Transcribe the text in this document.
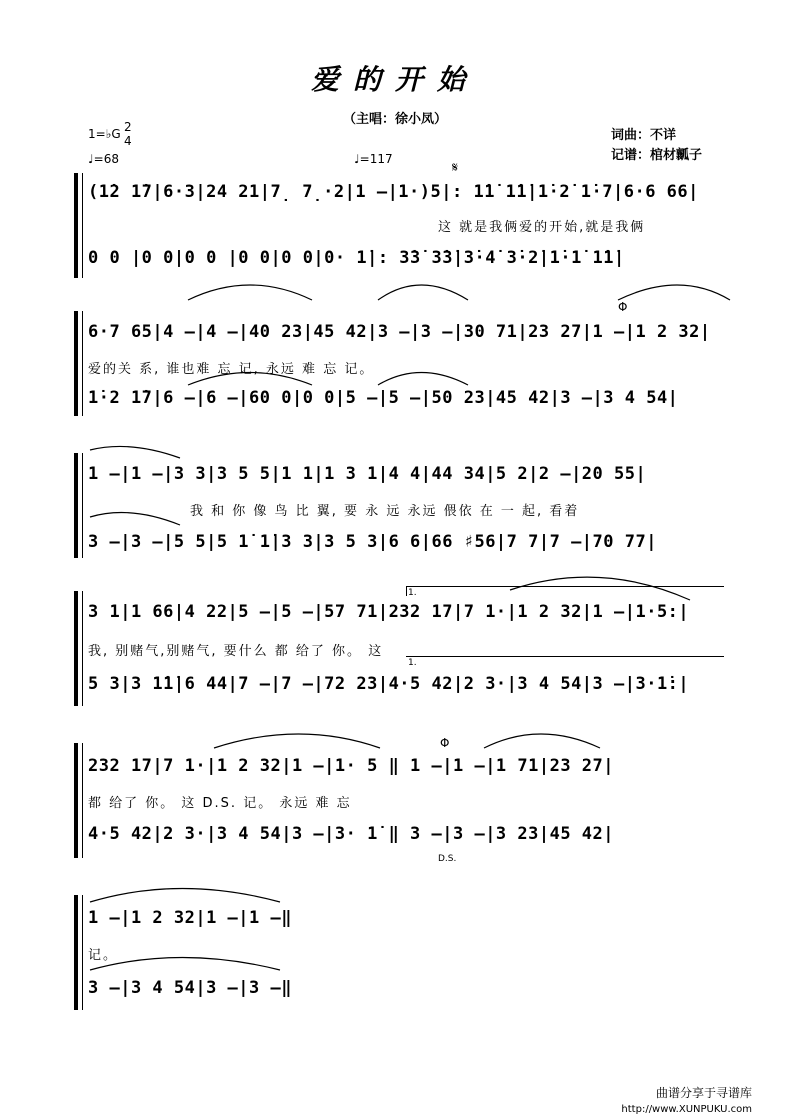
爱的开始
（主唱：徐小凤）
1=♭G 2
4
♩=68	♩=117
𝄋
词曲：不详
记谱：棺材瓤子
(1̇2 1̇7|6·3|24 21|7̣ 7̣·2|1 –|1·)5|: 1̇1̇ 1̇1̇|1̇·2̇ 1̇·7|6·6 66|
这 就是我俩爱的开始,就是我俩
0 0 |0 0|0 0 |0 0|0 0|0· 1̇|: 3̇3̇ 3̇3̇|3̇·4̇ 3̇·2̇|1̇·1̇ 1̇1̇|
Φ
6·7 65|4 –|4 –|40 23|45 42|3 –|3 –|30 71|23 27|1 –|1 2 32|
爱的关 系, 谁也难 忘 记, 永远 难 忘 记。
1̇·2 1̇7|6 –|6 –|60 0|0 0|5 –|5 –|50 23|45 42|3 –|3 4 54|
1 –|1 –|3 3|3 5 5|1 1|1 3 1|4 4|44 34|5 2|2 –|20 55|
我 和 你 像 鸟 比 翼, 要 永 远 永远 偎依 在 一 起, 看着
3 –|3 –|5 5|5 1̇ 1̇|3 3|3 5 3|6 6|66 ♯56|7 7|7 –|70 77|
1.
3 1|1 66|4 22|5 –|5 –|57 71|232 17|7 1·|1 2 32|1 –|1·5:|
我, 别赌气,别赌气, 要什么 都 给了 你。 这
1.
5 3|3 1̇1̇|6 44|7 –|7 –|72 23|4·5 42|2 3·|3 4 54|3 –|3·1̇:|
Φ
232 17|7 1·|1 2 32|1 –|1· 5 ‖ 1 –|1 –|1 71|23 27|
都 给了 你。 这 D.S. 记。 永远 难 忘
4·5 42|2 3·|3 4 54|3 –|3· 1̇ ‖ 3 –|3 –|3 23|45 42|
D.S.
1 –|1 2 32|1 –|1 –‖
记。
3 –|3 4 54|3 –|3 –‖
曲谱分享于寻谱库
http://www.XUNPUKU.com
